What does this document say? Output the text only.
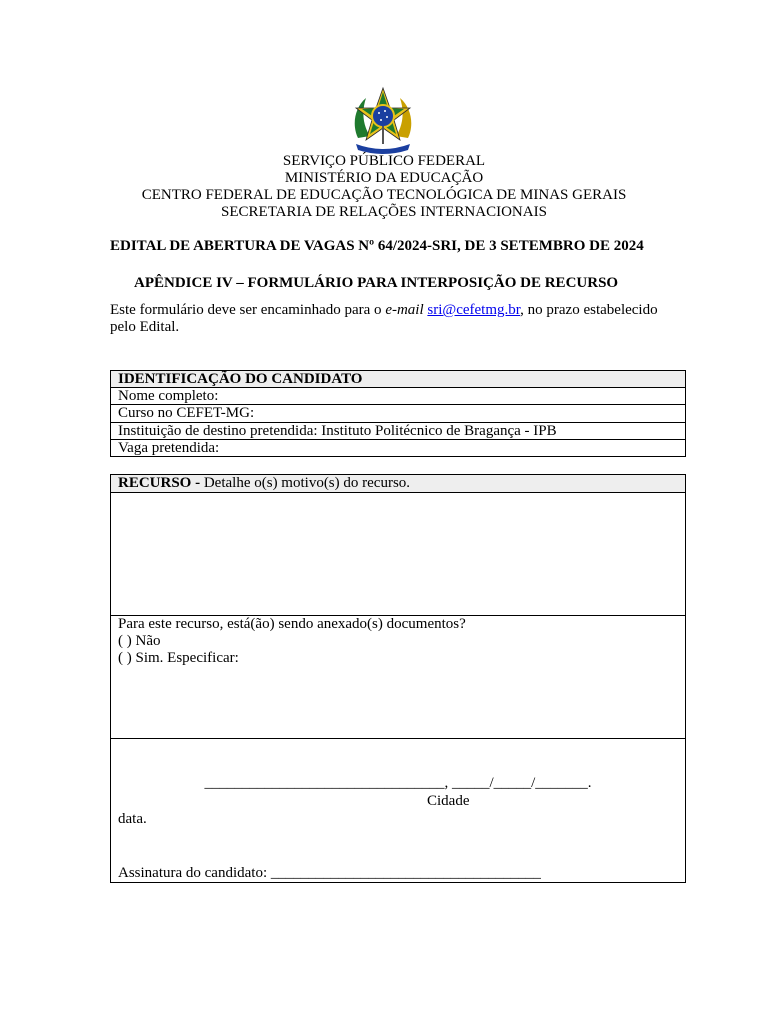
SERVIÇO PÚBLICO FEDERAL
MINISTÉRIO DA EDUCAÇÃO
CENTRO FEDERAL DE EDUCAÇÃO TECNOLÓGICA DE MINAS GERAIS
SECRETARIA DE RELAÇÕES INTERNACIONAIS
EDITAL DE ABERTURA DE VAGAS Nº 64/2024-SRI, DE 3 SETEMBRO DE 2024
APÊNDICE IV – FORMULÁRIO PARA INTERPOSIÇÃO DE RECURSO
Este formulário deve ser encaminhado para o e-mail sri@cefetmg.br, no prazo estabelecido pelo Edital.
IDENTIFICAÇÃO DO CANDIDATO
Nome completo:
Curso no CEFET-MG:
Instituição de destino pretendida: Instituto Politécnico de Bragança - IPB
Vaga pretendida:
RECURSO - Detalhe o(s) motivo(s) do recurso.
Para este recurso, está(ão) sendo anexado(s) documentos?
( ) Não
( ) Sim. Especificar:
________________________________, _____/_____/_______.
Cidade
data.
Assinatura do candidato: ____________________________________
